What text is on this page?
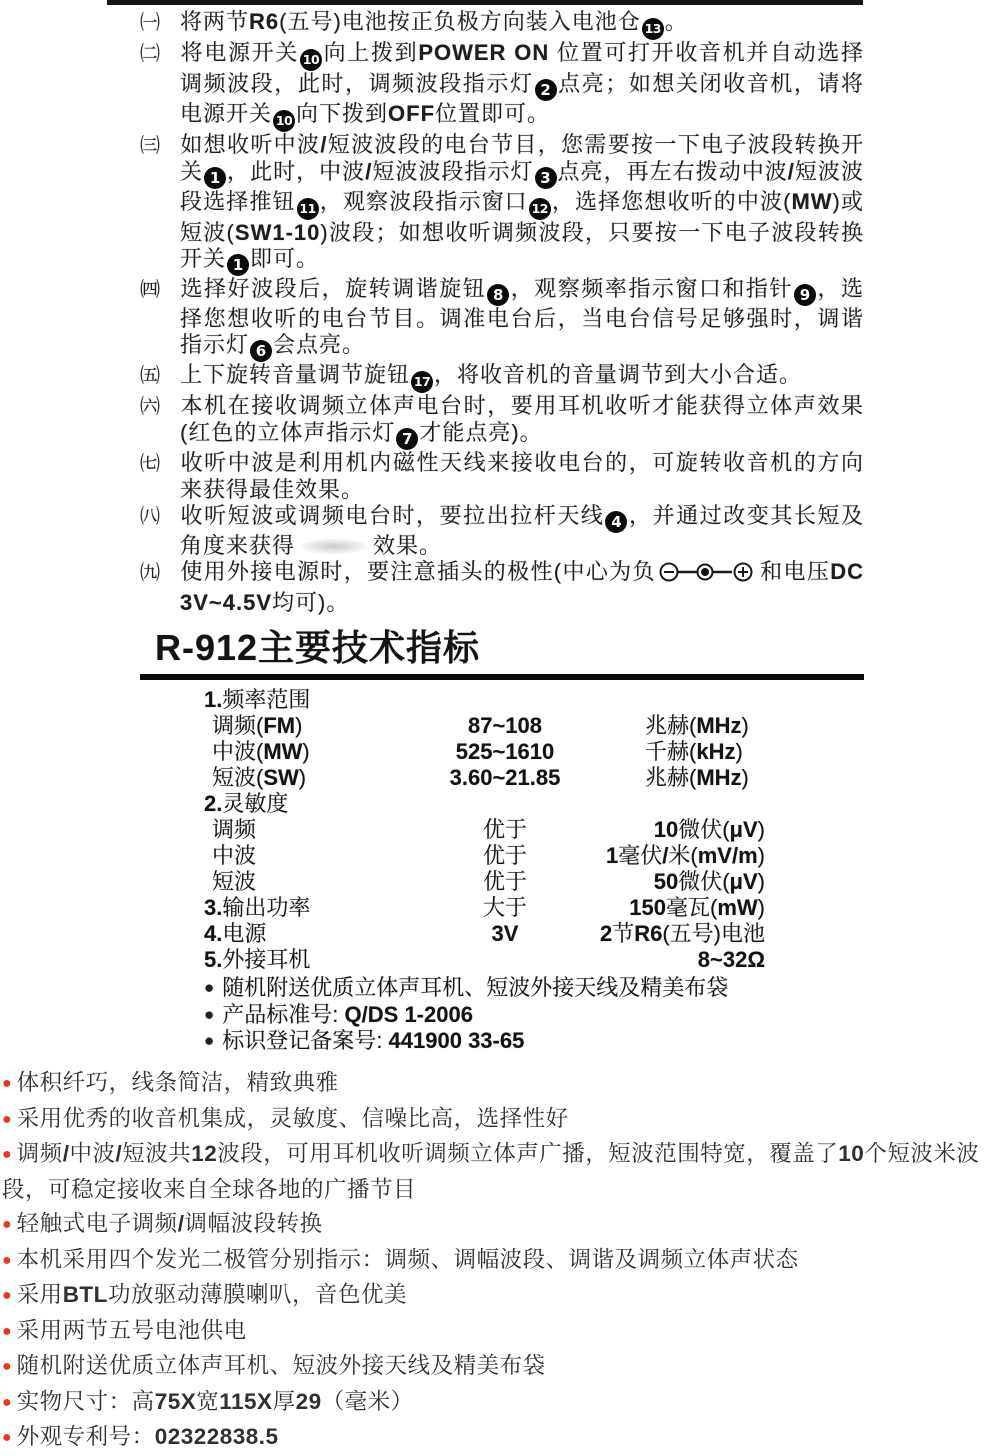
㈠ 将两节R6(五号)电池按正负极方向装入电池仓 13 。
㈡ 将电源开关 10 向上拨到POWER ON 位置可打开收音机并自动选择调频波段，此时，调频波段指示灯 2 点亮；如想关闭收音机，请将电源开关 10 向下拨到OFF位置即可。
㈢ 如想收听中波/短波波段的电台节目，您需要按一下电子波段转换开关 1 ，此时，中波/短波波段指示灯 3 点亮，再左右拨动中波/短波波段选择推钮 11 ，观察波段指示窗口 12 ，选择您想收听的中波(MW)或短波(SW1-10)波段；如想收听调频波段，只要按一下电子波段转换开关 1 即可。
㈣ 选择好波段后，旋转调谐旋钮 8 ，观察频率指示窗口和指针 9 ，选择您想收听的电台节目。调准电台后，当电台信号足够强时，调谐指示灯 6 会点亮。
㈤ 上下旋转音量调节旋钮 17 ，将收音机的音量调节到大小合适。
㈥ 本机在接收调频立体声电台时，要用耳机收听才能获得立体声效果(红色的立体声指示灯 7 才能点亮)。
㈦ 收听中波是利用机内磁性天线来接收电台的，可旋转收音机的方向来获得最佳效果。
㈧ 收听短波或调频电台时，要拉出拉杆天线 4 ，并通过改变其长短及角度来获得	效果。
㈨ 使用外接电源时，要注意插头的极性(中心为负	和电压DC 3V~4.5V均可)。
R-912主要技术指标
1.频率范围
调频(FM)	87~108	兆赫(MHz)
中波(MW)	525~1610	千赫(kHz)
短波(SW)	3.60~21.85	兆赫(MHz)
2.灵敏度
调频	优于	10微伏(μV)
中波	优于	1毫伏/米(mV/m)
短波	优于	50微伏(μV)
3.输出功率	大于	150毫瓦(mW)
4.电源	3V	2节R6(五号)电池
5.外接耳机	8~32Ω
● 随机附送优质立体声耳机、短波外接天线及精美布袋
● 产品标准号: Q/DS 1-2006
● 标识登记备案号: 441900 33-65
● 体积纤巧，线条简洁，精致典雅
● 采用优秀的收音机集成，灵敏度、信噪比高，选择性好
● 调频/中波/短波共12波段，可用耳机收听调频立体声广播，短波范围特宽，覆盖了10个短波米波段，可稳定接收来自全球各地的广播节目
● 轻触式电子调频/调幅波段转换
● 本机采用四个发光二极管分别指示：调频、调幅波段、调谐及调频立体声状态
● 采用BTL功放驱动薄膜喇叭，音色优美
● 采用两节五号电池供电
● 随机附送优质立体声耳机、短波外接天线及精美布袋
● 实物尺寸：高75X宽115X厚29（毫米）
● 外观专利号：02322838.5
